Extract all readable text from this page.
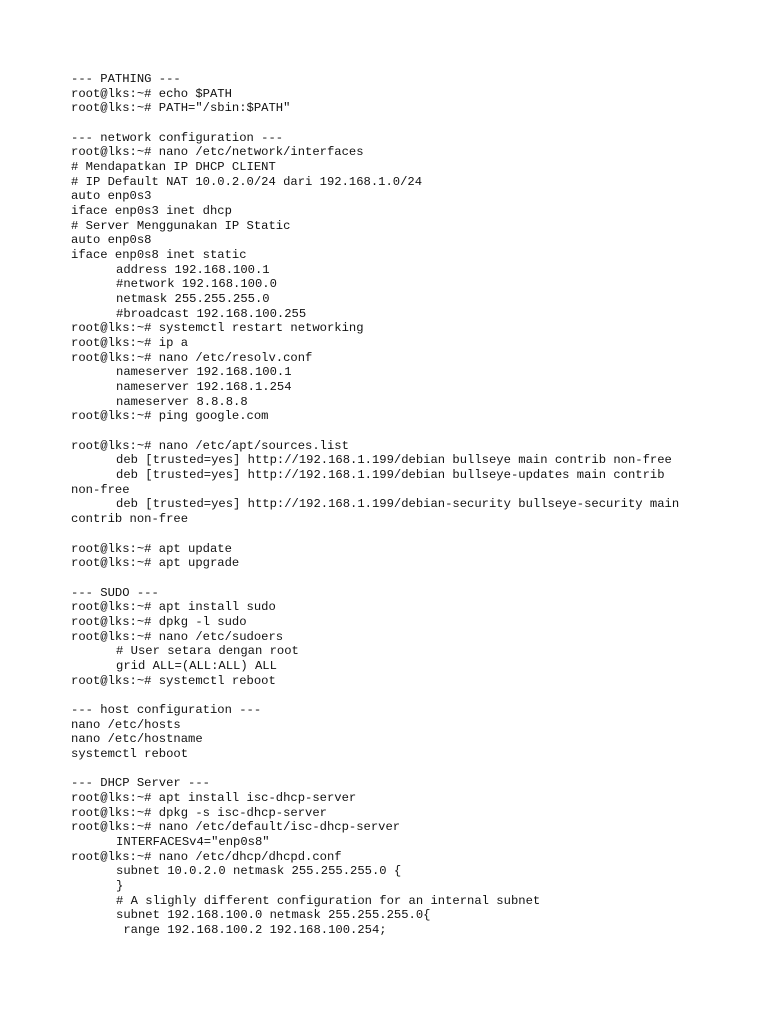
--- PATHING ---
root@lks:~# echo $PATH
root@lks:~# PATH="/sbin:$PATH"
--- network configuration ---
root@lks:~# nano /etc/network/interfaces
# Mendapatkan IP DHCP CLIENT
# IP Default NAT 10.0.2.0/24 dari 192.168.1.0/24
auto enp0s3
iface enp0s3 inet dhcp
# Server Menggunakan IP Static
auto enp0s8
iface enp0s8 inet static
address 192.168.100.1
#network 192.168.100.0
netmask 255.255.255.0
#broadcast 192.168.100.255
root@lks:~# systemctl restart networking
root@lks:~# ip a
root@lks:~# nano /etc/resolv.conf
nameserver 192.168.100.1
nameserver 192.168.1.254
nameserver 8.8.8.8
root@lks:~# ping google.com
root@lks:~# nano /etc/apt/sources.list
deb [trusted=yes] http://192.168.1.199/debian bullseye main contrib non-free
deb [trusted=yes] http://192.168.1.199/debian bullseye-updates main contrib
non-free
deb [trusted=yes] http://192.168.1.199/debian-security bullseye-security main
contrib non-free
root@lks:~# apt update
root@lks:~# apt upgrade
--- SUDO ---
root@lks:~# apt install sudo
root@lks:~# dpkg -l sudo
root@lks:~# nano /etc/sudoers
# User setara dengan root
grid ALL=(ALL:ALL) ALL
root@lks:~# systemctl reboot
--- host configuration ---
nano /etc/hosts
nano /etc/hostname
systemctl reboot
--- DHCP Server ---
root@lks:~# apt install isc-dhcp-server
root@lks:~# dpkg -s isc-dhcp-server
root@lks:~# nano /etc/default/isc-dhcp-server
INTERFACESv4="enp0s8"
root@lks:~# nano /etc/dhcp/dhcpd.conf
subnet 10.0.2.0 netmask 255.255.255.0 {
}
# A slighly different configuration for an internal subnet
subnet 192.168.100.0 netmask 255.255.255.0{
range 192.168.100.2 192.168.100.254;
